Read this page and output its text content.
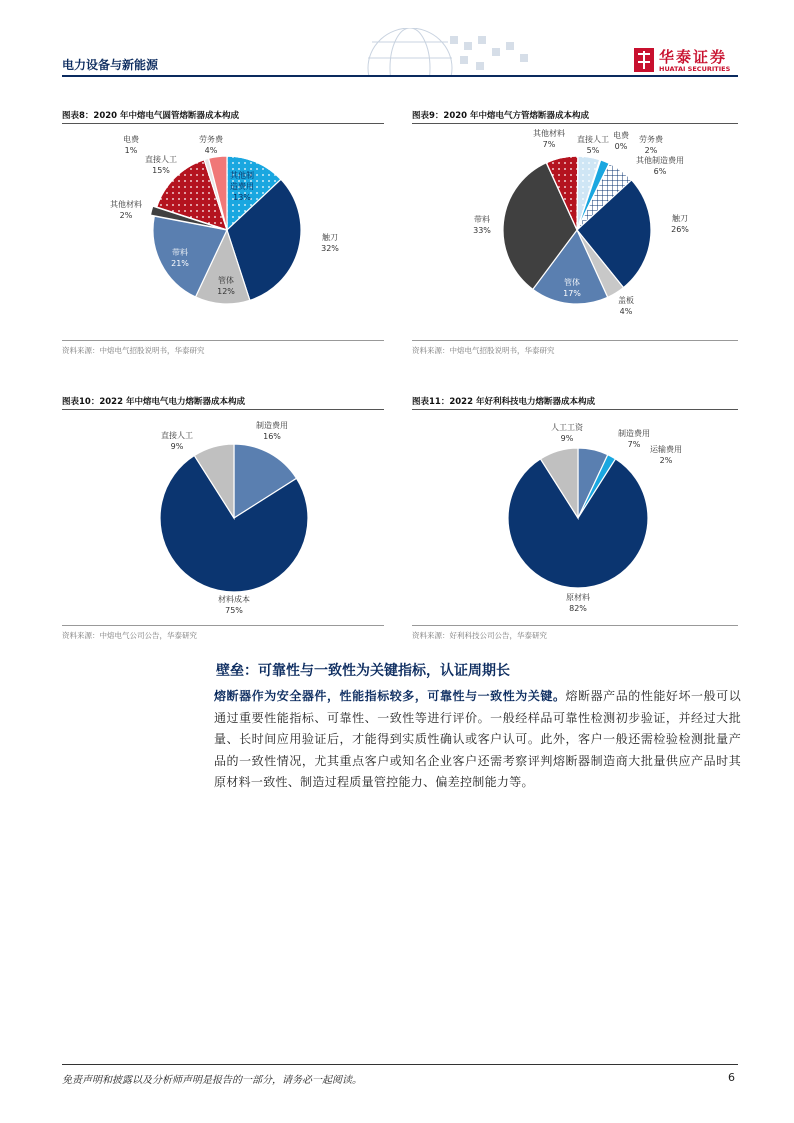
电力设备与新能源	华泰证券
HUATAI SECURITIES
图表8：2020 年中熔电气圆管熔断器成本构成
其他制造费用 13%
触刀 32%
管体 12%
带料 21%
其他材料 2%
直接人工 15%
电费 1%
劳务费 4%
资料来源：中熔电气招股说明书，华泰研究
图表9：2020 年中熔电气方管熔断器成本构成
直接人工 5%
电费 0%
劳务费 2%
其他制造费用 6%
触刀 26%
盖板 4%
管体 17%
带料 33%
其他材料 7%
资料来源：中熔电气招股说明书，华泰研究
图表10：2022 年中熔电气电力熔断器成本构成
制造费用 16%
材料成本 75%
直接人工 9%
资料来源：中熔电气公司公告，华泰研究
图表11：2022 年好利科技电力熔断器成本构成
制造费用 7%
运输费用 2%
原材料 82%
人工工资 9%
资料来源：好利科技公司公告，华泰研究
壁垒：可靠性与一致性为关键指标，认证周期长
熔断器作为安全器件，性能指标较多，可靠性与一致性为关键。熔断器产品的性能好坏一般可以通过重要性能指标、可靠性、一致性等进行评价。一般经样品可靠性检测初步验证，并经过大批量、长时间应用验证后，才能得到实质性确认或客户认可。此外，客户一般还需检验检测批量产品的一致性情况，尤其重点客户或知名企业客户还需考察评判熔断器制造商大批量供应产品时其原材料一致性、制造过程质量管控能力、偏差控制能力等。
免责声明和披露以及分析师声明是报告的一部分，请务必一起阅读。	6
